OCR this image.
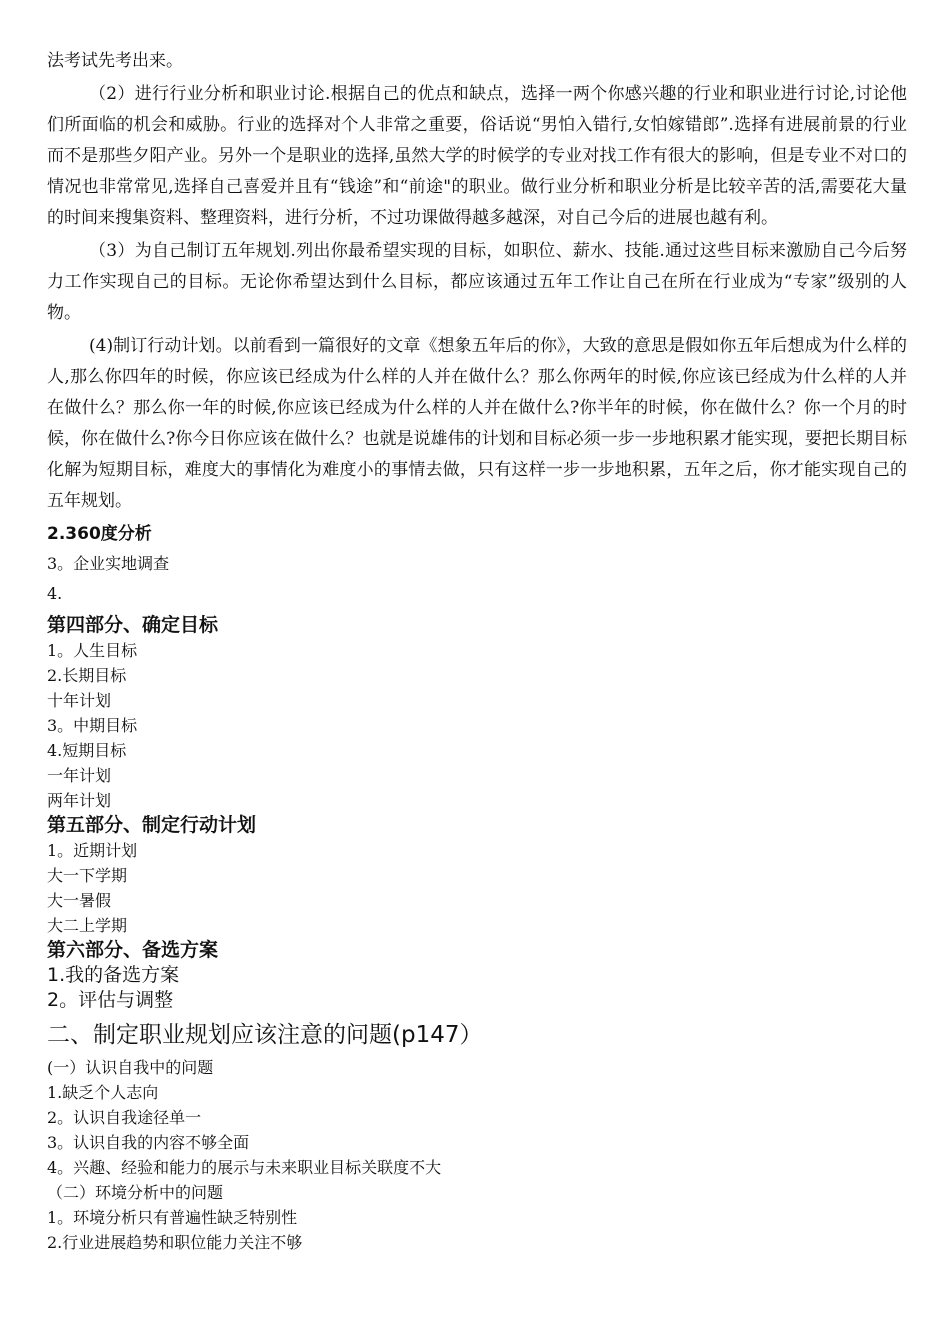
法考试先考出来。

（2）进行行业分析和职业讨论.根据自己的优点和缺点，选择一两个你感兴趣的行业和职业进行讨论,讨论他们所面临的机会和威胁。行业的选择对个人非常之重要，俗话说“男怕入错行,女怕嫁错郎”.选择有进展前景的行业而不是那些夕阳产业。另外一个是职业的选择,虽然大学的时候学的专业对找工作有很大的影响，但是专业不对口的情况也非常常见,选择自己喜爱并且有“钱途”和“前途"的职业。做行业分析和职业分析是比较辛苦的活,需要花大量的时间来搜集资料、整理资料，进行分析，不过功课做得越多越深，对自己今后的进展也越有利。

（3）为自己制订五年规划.列出你最希望实现的目标，如职位、薪水、技能.通过这些目标来激励自己今后努力工作实现自己的目标。无论你希望达到什么目标，都应该通过五年工作让自己在所在行业成为“专家”级别的人物。

(4)制订行动计划。以前看到一篇很好的文章《想象五年后的你》，大致的意思是假如你五年后想成为什么样的人,那么你四年的时候，你应该已经成为什么样的人并在做什么？那么你两年的时候,你应该已经成为什么样的人并在做什么？那么你一年的时候,你应该已经成为什么样的人并在做什么?你半年的时候，你在做什么？你一个月的时候，你在做什么?你今日你应该在做什么？也就是说雄伟的计划和目标必须一步一步地积累才能实现，要把长期目标化解为短期目标，难度大的事情化为难度小的事情去做，只有这样一步一步地积累，五年之后，你才能实现自己的五年规划。

2.360度分析

3。企业实地调查

4.

第四部分、确定目标

1。人生目标

2.长期目标

十年计划

3。中期目标

4.短期目标

一年计划

两年计划

第五部分、制定行动计划

1。近期计划

大一下学期

大一暑假

大二上学期

第六部分、备选方案

1.我的备选方案

2。评估与调整

二、制定职业规划应该注意的问题(p147）

(一）认识自我中的问题

1.缺乏个人志向

2。认识自我途径单一

3。认识自我的内容不够全面

4。兴趣、经验和能力的展示与未来职业目标关联度不大

（二）环境分析中的问题

1。环境分析只有普遍性缺乏特别性

2.行业进展趋势和职位能力关注不够
